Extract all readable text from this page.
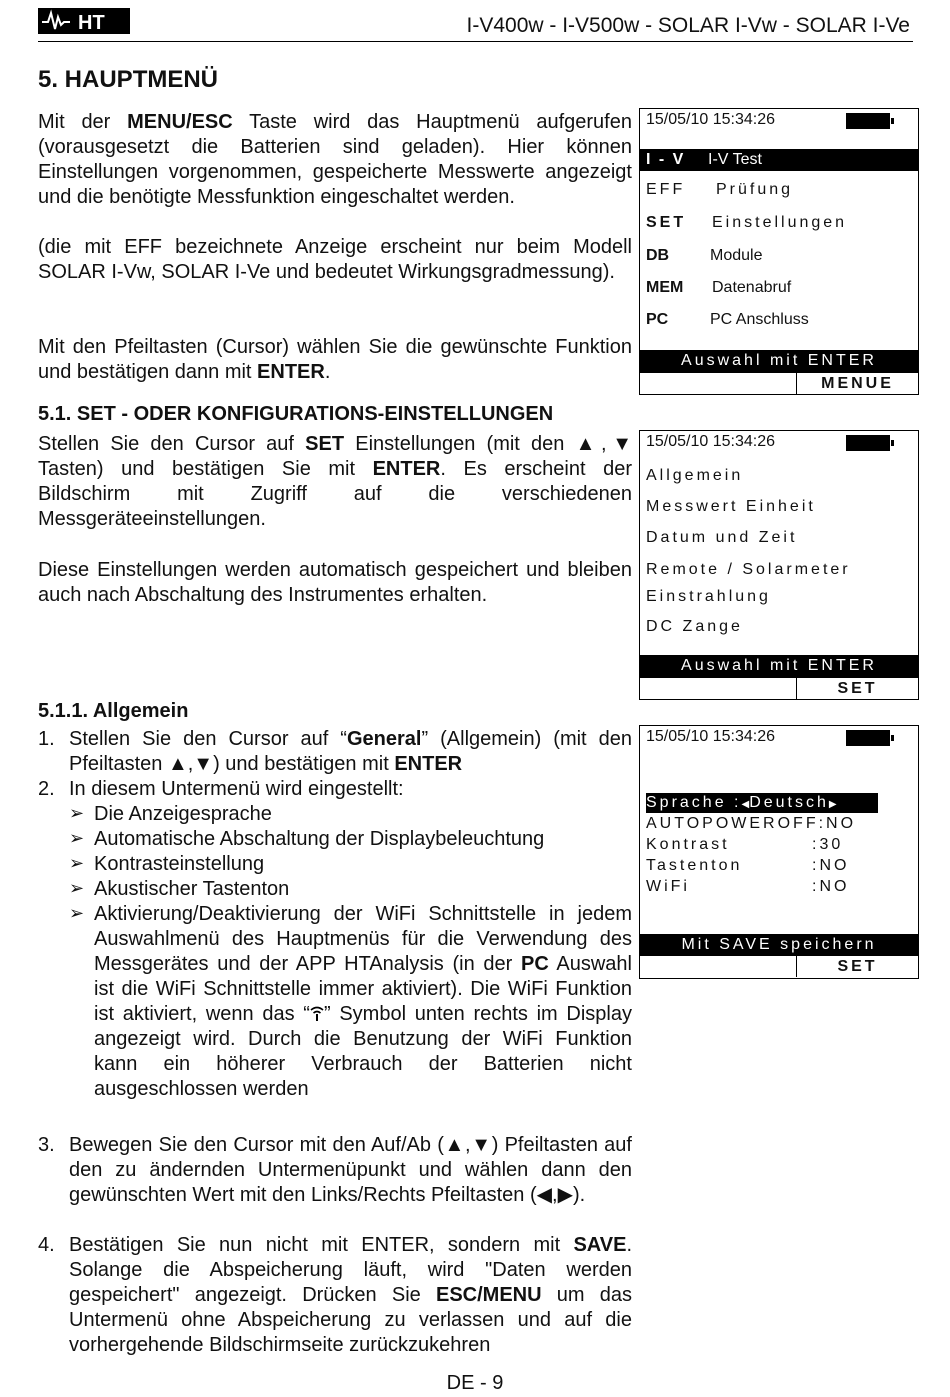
HT	I-V400w - I-V500w - SOLAR I-Vw - SOLAR I-Ve
5. HAUPTMENÜ
Mit der MENU/ESC Taste wird das Hauptmenü aufgerufen (vorausgesetzt die Batterien sind geladen). Hier können Einstellungen vorgenommen, gespeicherte Messwerte angezeigt und die benötigte Messfunktion eingeschaltet werden.
(die mit EFF bezeichnete Anzeige erscheint nur beim Modell SOLAR I-Vw, SOLAR I-Ve und bedeutet Wirkungsgradmessung).
Mit den Pfeiltasten (Cursor) wählen Sie die gewünschte Funktion und bestätigen dann mit ENTER.
15/05/10 15:34:26
I - V I-V Test
EFF Prüfung
SET Einstellungen
DB	Module
MEM Datenabruf
PC	PC Anschluss
Auswahl mit ENTER
MENUE
5.1. SET - ODER KONFIGURATIONS-EINSTELLUNGEN
Stellen Sie den Cursor auf SET Einstellungen (mit den ▲,▼ Tasten) und bestätigen Sie mit ENTER. Es erscheint der Bildschirm mit Zugriff auf die verschiedenen Messgeräteeinstellungen.
Diese Einstellungen werden automatisch gespeichert und bleiben auch nach Abschaltung des Instrumentes erhalten.
15/05/10 15:34:26
Allgemein
Messwert Einheit
Datum und Zeit
Remote / Solarmeter
Einstrahlung
DC Zange
Auswahl mit ENTER
SET
5.1.1. Allgemein
1. Stellen Sie den Cursor auf “General” (Allgemein) (mit den Pfeiltasten ▲,▼) und bestätigen mit ENTER
2. In diesem Untermenü wird eingestellt:
➢ Die Anzeigesprache
➢ Automatische Abschaltung der Displaybeleuchtung
➢ Kontrasteinstellung
➢ Akustischer Tastenton
➢ Aktivierung/Deaktivierung der WiFi Schnittstelle in jedem Auswahlmenü des Hauptmenüs für die Verwendung des Messgerätes und der APP HTAnalysis (in der PC Auswahl ist die WiFi Schnittstelle immer aktiviert). Die WiFi Funktion ist aktiviert, wenn das “ ” Symbol unten rechts im Display angezeigt wird. Durch die Benutzung der WiFi Funktion kann ein höherer Verbrauch der Batterien nicht ausgeschlossen werden
3. Bewegen Sie den Cursor mit den Auf/Ab (▲,▼) Pfeiltasten auf den zu ändernden Untermenüpunkt und wählen dann den gewünschten Wert mit den Links/Rechts Pfeiltasten (◀,▶).
4. Bestätigen Sie nun nicht mit ENTER, sondern mit SAVE. Solange die Abspeicherung läuft, wird "Daten werden gespeichert" angezeigt. Drücken Sie ESC/MENU um das Untermenü ohne Abspeicherung zu verlassen und auf die vorhergehende Bildschirmseite zurückzukehren
15/05/10 15:34:26
Sprache :◀Deutsch▶
AUTOPOWEROFF:NO
Kontrast	:30
Tastenton	:NO
WiFi	:NO
Mit SAVE speichern
SET
DE - 9
